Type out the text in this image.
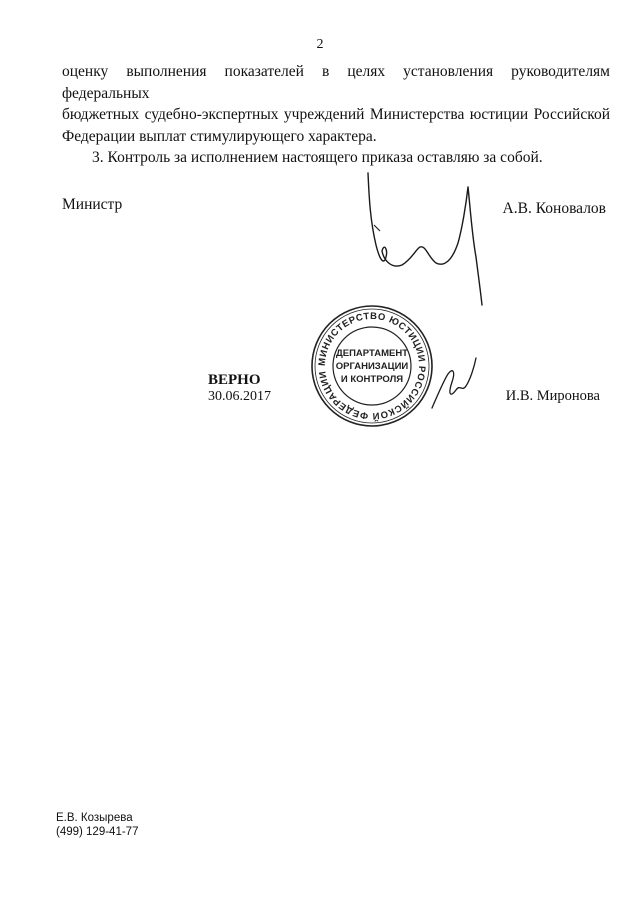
2

оценку выполнения показателей в целях установления руководителям федеральных

бюджетных судебно-экспертных учреждений Министерства юстиции Российской

Федерации выплат стимулирующего характера.

3. Контроль за исполнением настоящего приказа оставляю за собой.

Министр	А.В. Коновалов
МИНИСТЕРСТВО ЮСТИЦИИ РОССИЙСКОЙ ФЕДЕРАЦИИ
ДЕПАРТАМЕНТ
ОРГАНИЗАЦИИ
И КОНТРОЛЯ
ВЕРНО
30.06.2017	И.В. Миронова
Е.В. Козырева
(499) 129-41-77
